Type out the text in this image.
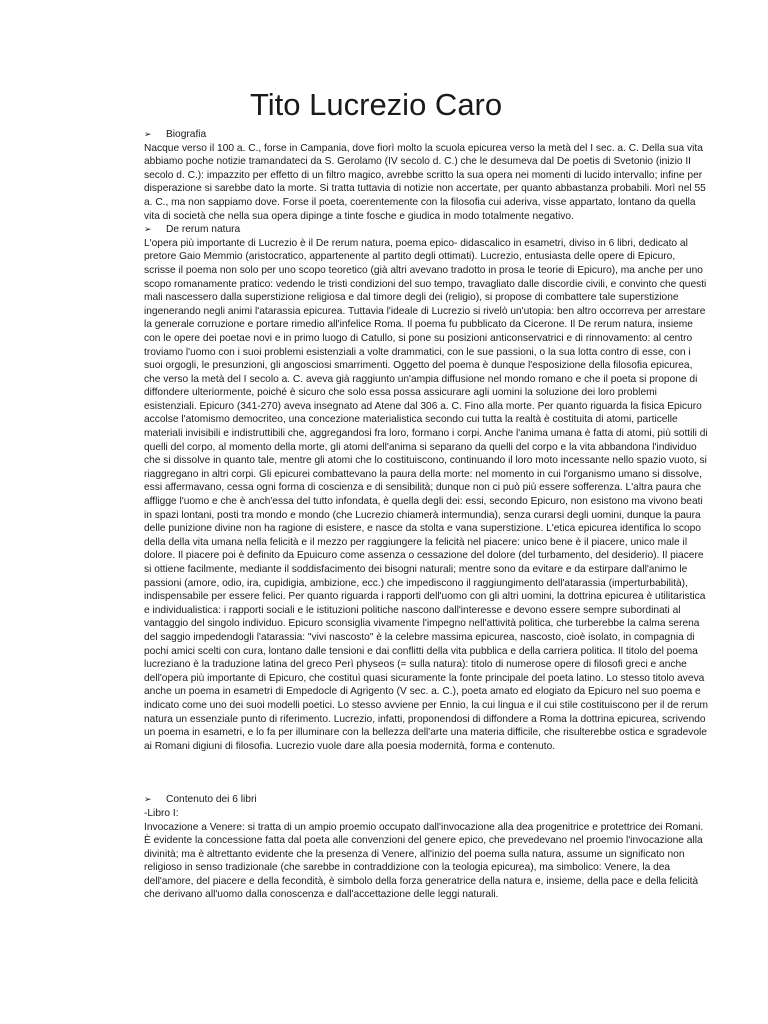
Tito Lucrezio Caro
➢	Biografia

Nacque verso il 100 a. C., forse in Campania, dove fiorì molto la scuola epicurea verso la metà del I sec. a. C. Della sua vita abbiamo poche notizie tramandateci da S. Gerolamo (IV secolo d. C.) che le desumeva dal De poetis di Svetonio (inizio II secolo d. C.): impazzito per effetto di un filtro magico, avrebbe scritto la sua opera nei momenti di lucido intervallo; infine per disperazione si sarebbe dato la morte. Si tratta tuttavia di notizie non accertate, per quanto abbastanza probabili. Morì nel 55 a. C., ma non sappiamo dove. Forse il poeta, coerentemente con la filosofia cui aderiva, visse appartato, lontano da quella vita di società che nella sua opera dipinge a tinte fosche e giudica in modo totalmente negativo.

➢	De rerum natura

L'opera più importante di Lucrezio è il De rerum natura, poema epico- didascalico in esametri, diviso in 6 libri, dedicato al pretore Gaio Memmio (aristocratico, appartenente al partito degli ottimati). Lucrezio, entusiasta delle opere di Epicuro, scrisse il poema non solo per uno scopo teoretico (già altri avevano tradotto in prosa le teorie di Epicuro), ma anche per uno scopo romanamente pratico: vedendo le tristi condizioni del suo tempo, travagliato dalle discordie civili, e convinto che questi mali nascessero dalla superstizione religiosa e dal timore degli dei (religio), si propose di combattere tale superstizione ingenerando negli animi l'atarassia epicurea. Tuttavia l'ideale di Lucrezio si rivelò un'utopia: ben altro occorreva per arrestare la generale corruzione e portare rimedio all'infelice Roma. Il poema fu pubblicato da Cicerone. Il De rerum natura, insieme con le opere dei poetae novi e in primo luogo di Catullo, si pone su posizioni anticonservatrici e di rinnovamento: al centro troviamo l'uomo con i suoi problemi esistenziali a volte drammatici, con le sue passioni, o la sua lotta contro di esse, con i suoi orgogli, le presunzioni, gli angosciosi smarrimenti. Oggetto del poema è dunque l'esposizione della filosofia epicurea, che verso la metà del I secolo a. C. aveva già raggiunto un'ampia diffusione nel mondo romano e che il poeta si propone di diffondere ulteriormente, poiché è sicuro che solo essa possa assicurare agli uomini la soluzione dei loro problemi esistenziali. Epicuro (341-270) aveva insegnato ad Atene dal 306 a. C. Fino alla morte. Per quanto riguarda la fisica Epicuro accolse l'atomismo democriteo, una concezione materialistica secondo cui tutta la realtà è costituita di atomi, particelle materiali invisibili e indistruttibili che, aggregandosi fra loro, formano i corpi. Anche l'anima umana è fatta di atomi, più sottili di quelli del corpo, al momento della morte, gli atomi dell'anima si separano da quelli del corpo e la vita abbandona l'individuo che si dissolve in quanto tale, mentre gli atomi che lo costituiscono, continuando il loro moto incessante nello spazio vuoto, si riaggregano in altri corpi. Gli epicurei combattevano la paura della morte: nel momento in cui l'organismo umano si dissolve, essi affermavano, cessa ogni forma di coscienza e di sensibilità; dunque non ci può più essere sofferenza. L'altra paura che affligge l'uomo e che è anch'essa del tutto infondata, è quella degli dei: essi, secondo Epicuro, non esistono ma vivono beati in spazi lontani, posti tra mondo e mondo (che Lucrezio chiamerà intermundia), senza curarsi degli uomini, dunque la paura delle punizione divine non ha ragione di esistere, e nasce da stolta e vana superstizione. L'etica epicurea identifica lo scopo della della vita umana nella felicità e il mezzo per raggiungere la felicità nel piacere: unico bene è il piacere, unico male il dolore. Il piacere poi è definito da Epuicuro come assenza o cessazione del dolore (del turbamento, del desiderio). Il piacere si ottiene facilmente, mediante il soddisfacimento dei bisogni naturali; mentre sono da evitare e da estirpare dall'animo le passioni (amore, odio, ira, cupidigia, ambizione, ecc.) che impediscono il raggiungimento dell'atarassia (imperturbabilità), indispensabile per essere felici. Per quanto riguarda i rapporti dell'uomo con gli altri uomini, la dottrina epicurea è utilitaristica e individualistica: i rapporti sociali e le istituzioni politiche nascono dall'interesse e devono essere sempre subordinati al vantaggio del singolo individuo. Epicuro sconsiglia vivamente l'impegno nell'attività politica, che turberebbe la calma serena del saggio impedendogli l'atarassia: "vivi nascosto" è la celebre massima epicurea, nascosto, cioè isolato, in compagnia di pochi amici scelti con cura, lontano dalle tensioni e dai conflitti della vita pubblica e della carriera politica. Il titolo del poema lucreziano è la traduzione latina del greco Perì physeos (= sulla natura): titolo di numerose opere di filosofi greci e anche dell'opera più importante di Epicuro, che costituì quasi sicuramente la fonte principale del poeta latino. Lo stesso titolo aveva anche un poema in esametri di Empedocle di Agrigento (V sec. a. C.), poeta amato ed elogiato da Epicuro nel suo poema e indicato come uno dei suoi modelli poetici. Lo stesso avviene per Ennio, la cui lingua e il cui stile costituiscono per il de rerum natura un essenziale punto di riferimento. Lucrezio, infatti, proponendosi di diffondere a Roma la dottrina epicurea, scrivendo un poema in esametri, e lo fa per illuminare con la bellezza dell'arte una materia difficile, che risulterebbe ostica e sgradevole ai Romani digiuni di filosofia. Lucrezio vuole dare alla poesia modernità, forma e contenuto.

➢	Contenuto dei 6 libri

-Libro I:

Invocazione a Venere: si tratta di un ampio proemio occupato dall'invocazione alla dea progenitrice e protettrice dei Romani. È evidente la concessione fatta dal poeta alle convenzioni del genere epico, che prevedevano nel proemio l'invocazione alla divinità; ma è altrettanto evidente che la presenza di Venere, all'inizio del poema sulla natura, assume un significato non religioso in senso tradizionale (che sarebbe in contraddizione con la teologia epicurea), ma simbolico: Venere, la dea dell'amore, del piacere e della fecondità, è simbolo della forza generatrice della natura e, insieme, della pace e della felicità che derivano all'uomo dalla conoscenza e dall'accettazione delle leggi naturali.
